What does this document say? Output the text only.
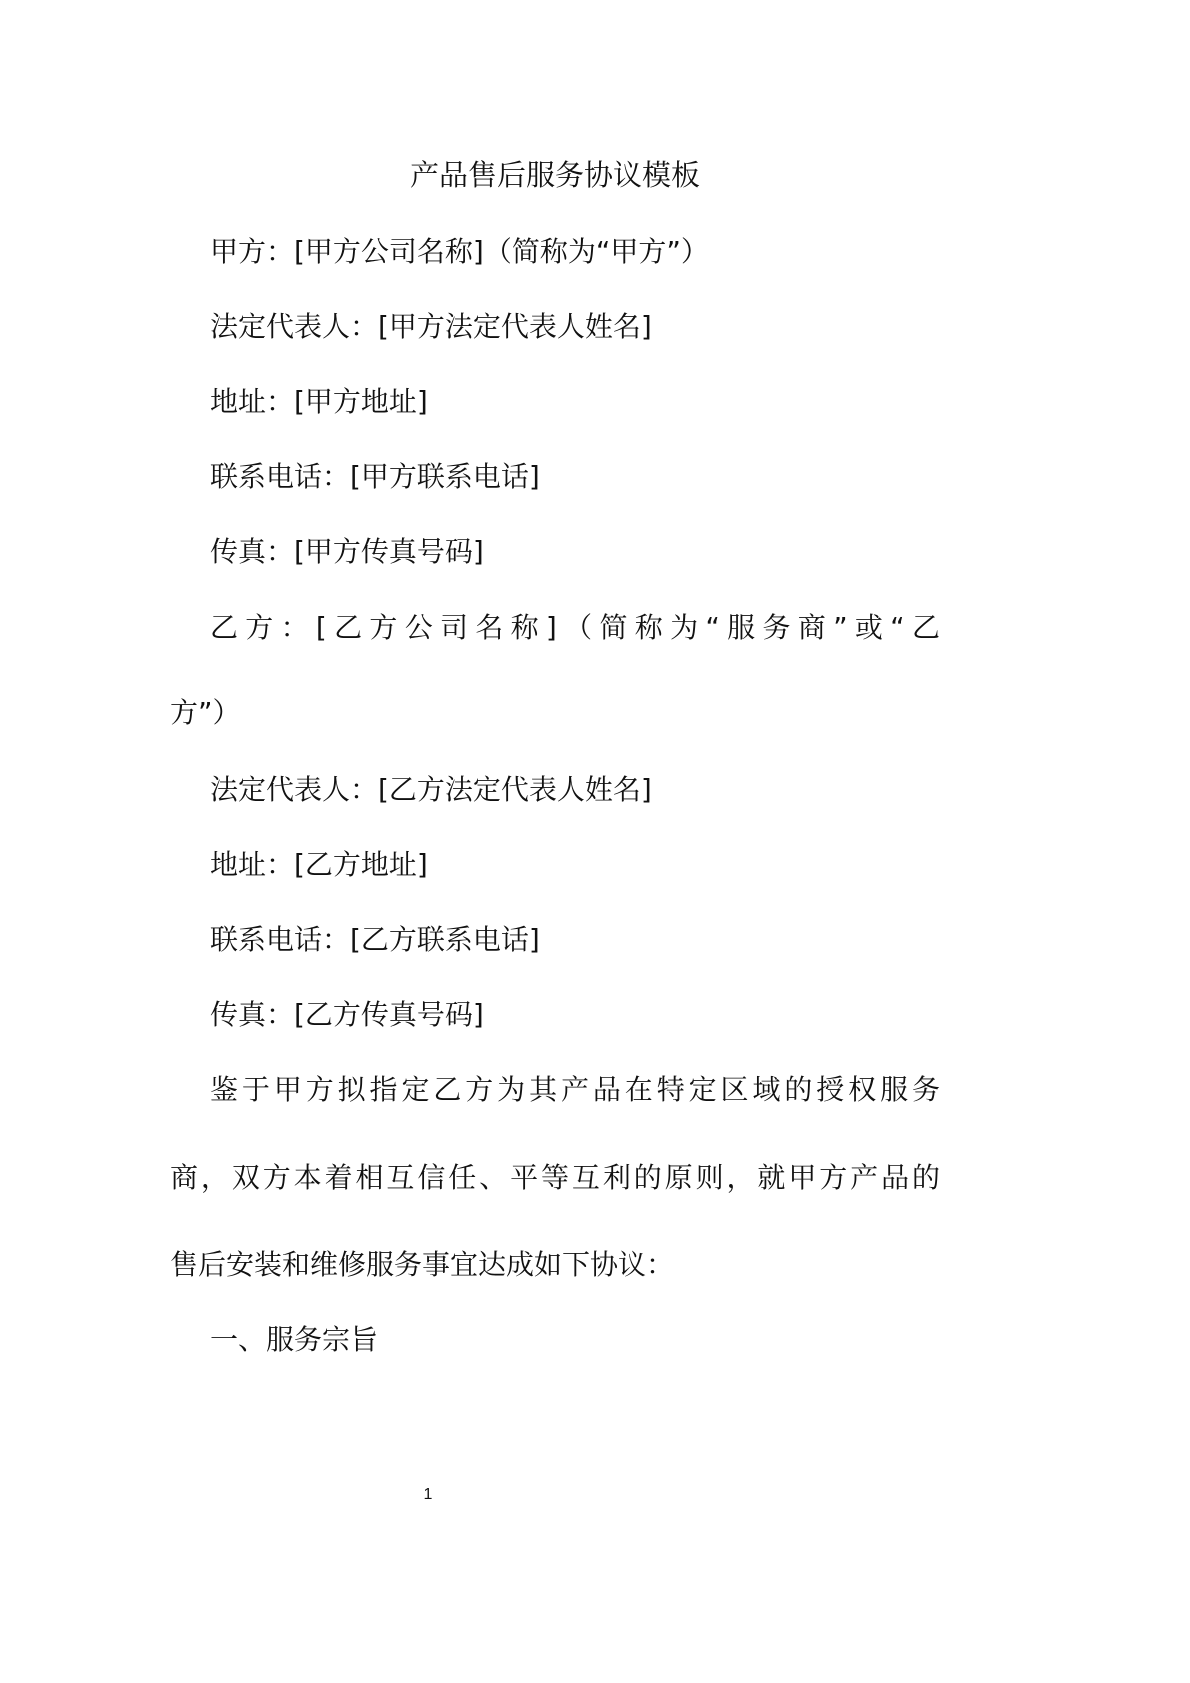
产品售后服务协议模板
甲方：[甲方公司名称]（简称为“甲方”）
法定代表人：[甲方法定代表人姓名]
地址：[甲方地址]
联系电话：[甲方联系电话]
传真：[甲方传真号码]
乙方：[乙方公司名称]（简称为“服务商”或“乙
方”）
法定代表人：[乙方法定代表人姓名]
地址：[乙方地址]
联系电话：[乙方联系电话]
传真：[乙方传真号码]
鉴于甲方拟指定乙方为其产品在特定区域的授权服务
商，双方本着相互信任、平等互利的原则，就甲方产品的
售后安装和维修服务事宜达成如下协议：
一、服务宗旨
1
